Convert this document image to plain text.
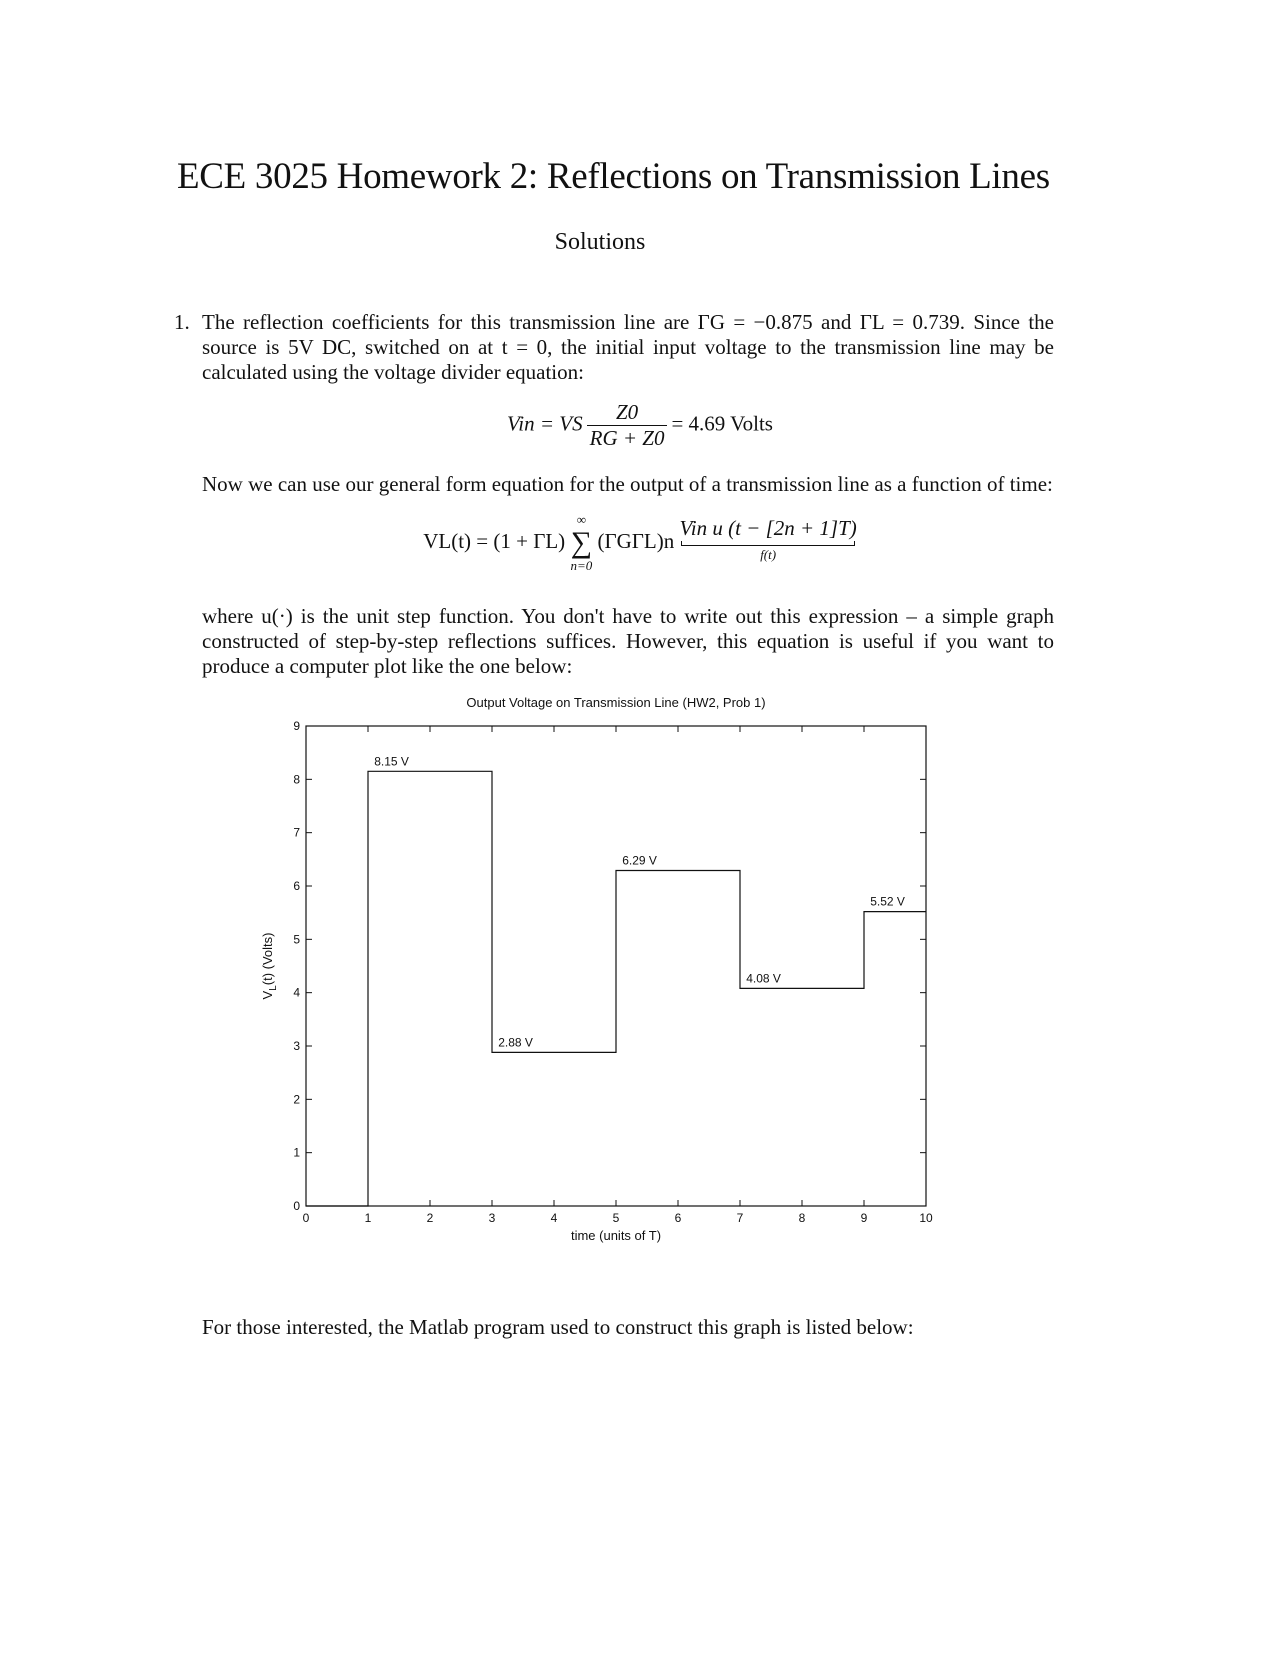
ECE 3025 Homework 2: Reflections on Transmission Lines
Solutions
1. The reflection coefficients for this transmission line are ΓG = −0.875 and ΓL = 0.739. Since the source is 5V DC, switched on at t = 0, the initial input voltage to the transmission line may be calculated using the voltage divider equation:
Vin = VS $\frac{Z0}{RG + Z0} = 4.69$ Volts
Now we can use our general form equation for the output of a transmission line as a function of time:
VL(t) = (1 + ΓL)
∞
∑
n=0
(ΓGΓL)n Vin u (t − [2n + 1]T)
f(t)
where u(·) is the unit step function. You don't have to write out this expression – a simple graph constructed of step-by-step reflections suffices. However, this equation is useful if you want to produce a computer plot like the one below:
Output Voltage on Transmission Line (HW2, Prob 1)
0	1	2	3	4	5	6	7	8	9	10
0
1
2
3
4
5
6
7
8
9
8.15 V
2.88 V
6.29 V
4.08 V
5.52 V
time (units of T)
$V_L(t)$ (Volts)
For those interested, the Matlab program used to construct this graph is listed below:
